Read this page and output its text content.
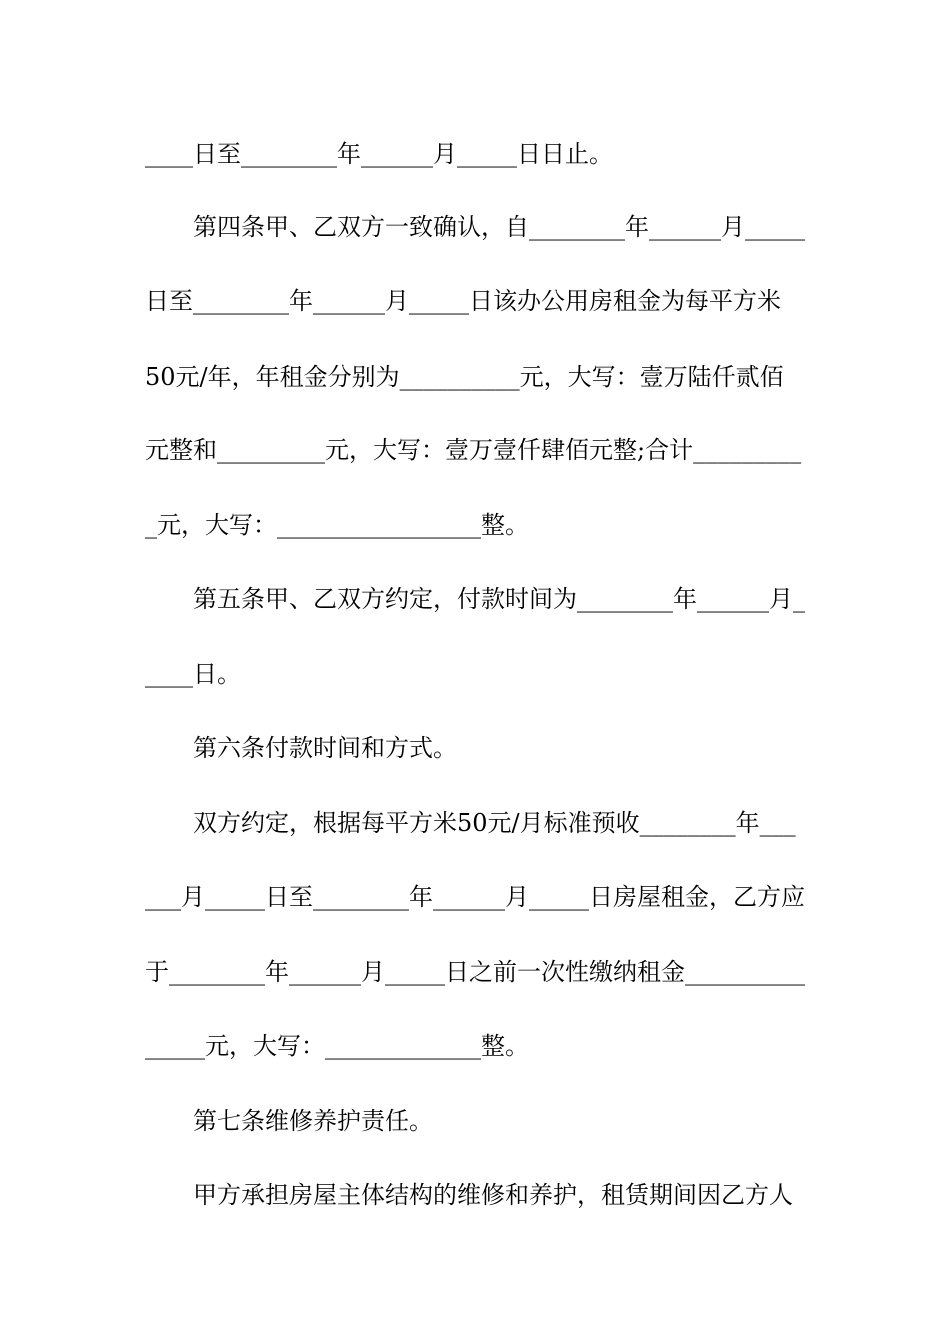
____日至________年______月_____日日止。
第四条甲、乙双方一致确认，自________年______月_____
日至________年______月_____日该办公用房租金为每平方米
50元/年，年租金分别为__________元，大写：壹万陆仟贰佰
元整和_________元，大写：壹万壹仟肆佰元整;合计_________
_元，大写：_________________整。
第五条甲、乙双方约定，付款时间为________年______月_
____日。
第六条付款时间和方式。
双方约定，根据每平方米50元/月标准预收________年___
___月_____日至________年______月_____日房屋租金，乙方应
于________年______月_____日之前一次性缴纳租金__________
_____元，大写：_____________整。
第七条维修养护责任。
甲方承担房屋主体结构的维修和养护，租赁期间因乙方人
